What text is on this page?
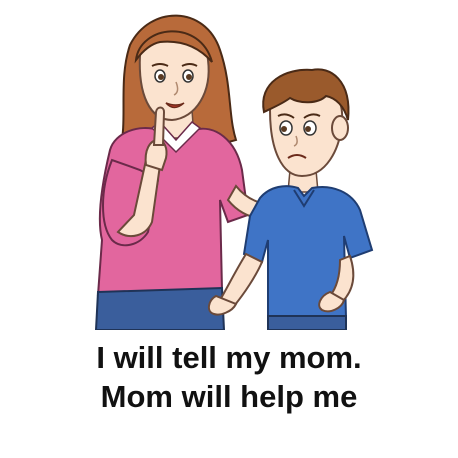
I will tell my mom.
Mom will help me
